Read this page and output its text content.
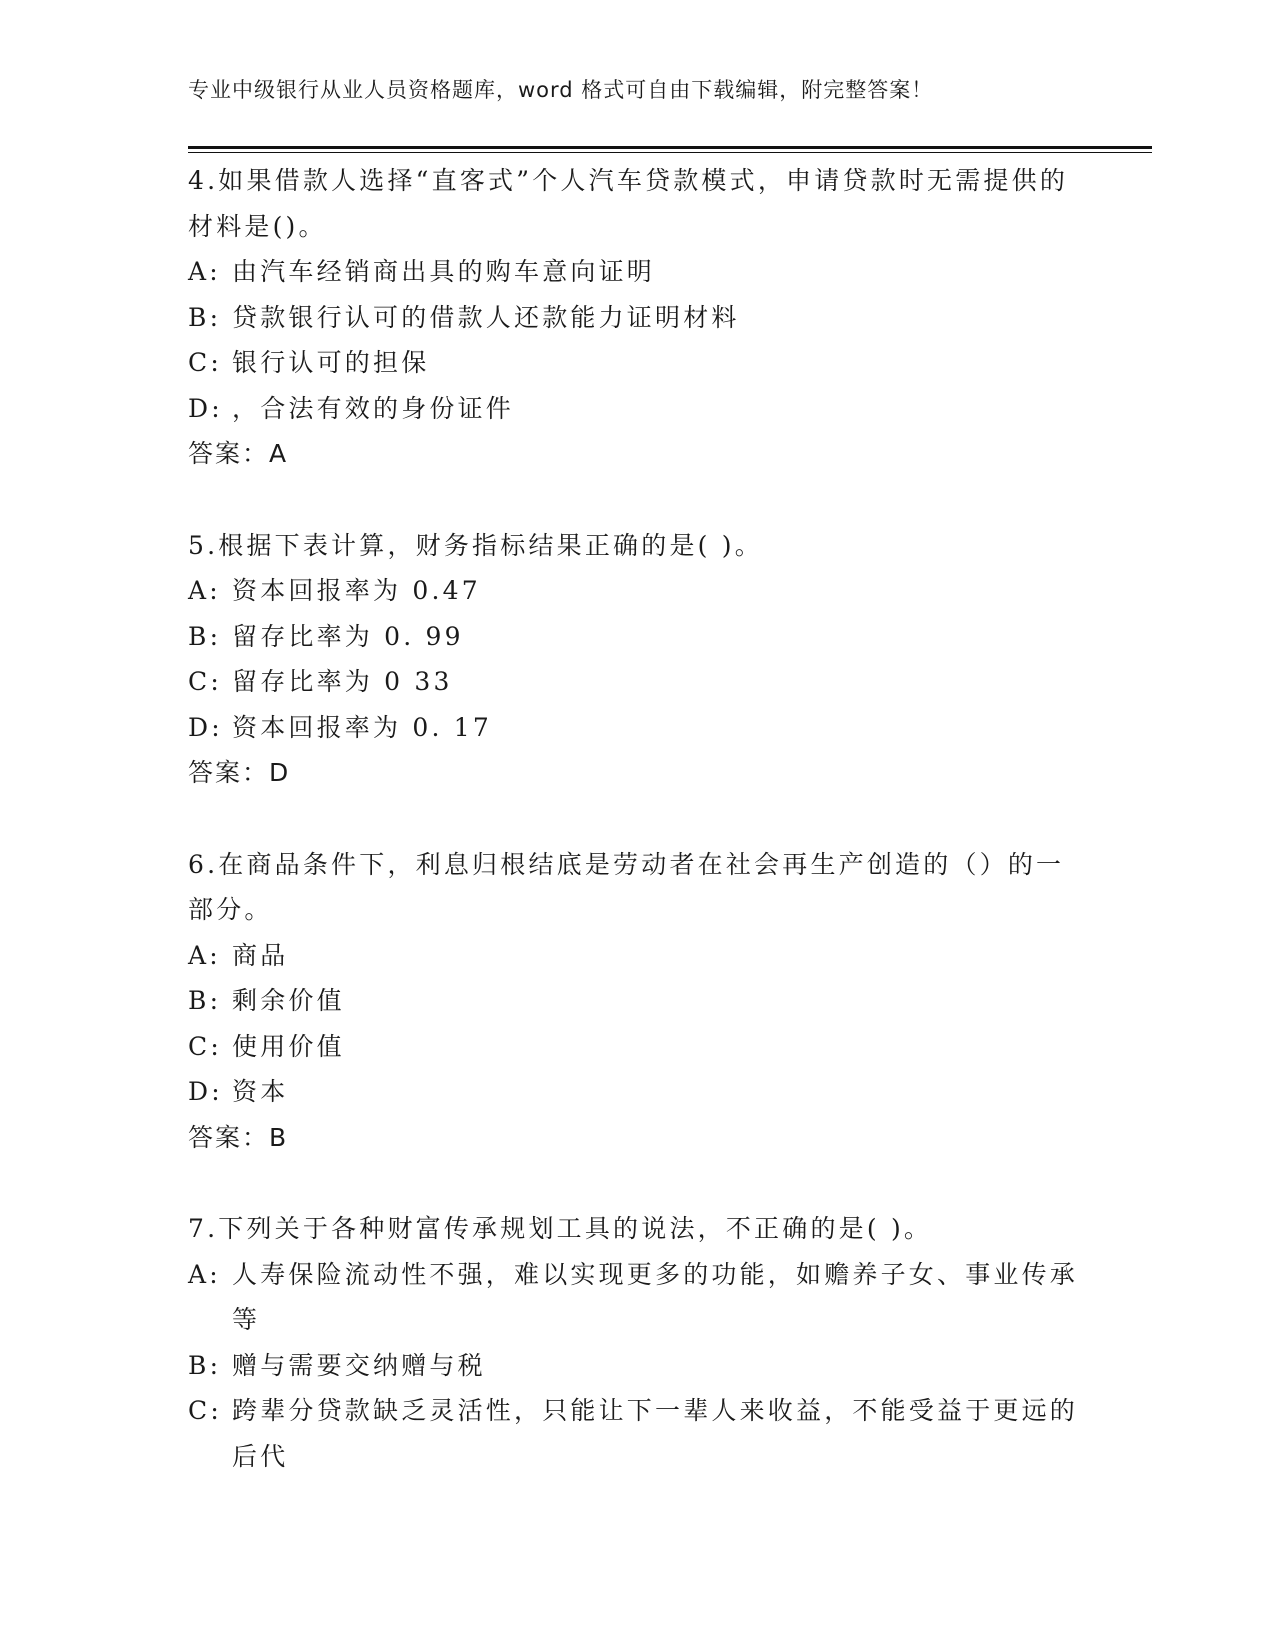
专业中级银行从业人员资格题库，word 格式可自由下载编辑，附完整答案！
4.如果借款人选择“直客式”个人汽车贷款模式，申请贷款时无需提供的材料是()。
A: 由汽车经销商出具的购车意向证明
B: 贷款银行认可的借款人还款能力证明材料
C: 银行认可的担保
D: ，合法有效的身份证件
答案：A
5.根据下表计算，财务指标结果正确的是( )。
A: 资本回报率为 0.47
B: 留存比率为 0. 99
C: 留存比率为 0 33
D: 资本回报率为 0. 17
答案：D
6.在商品条件下，利息归根结底是劳动者在社会再生产创造的（）的一部分。
A: 商品
B: 剩余价值
C: 使用价值
D: 资本
答案：B
7.下列关于各种财富传承规划工具的说法，不正确的是( )。
A: 人寿保险流动性不强，难以实现更多的功能，如赡养子女、事业传承等
B: 赠与需要交纳赠与税
C: 跨辈分贷款缺乏灵活性，只能让下一辈人来收益，不能受益于更远的后代
